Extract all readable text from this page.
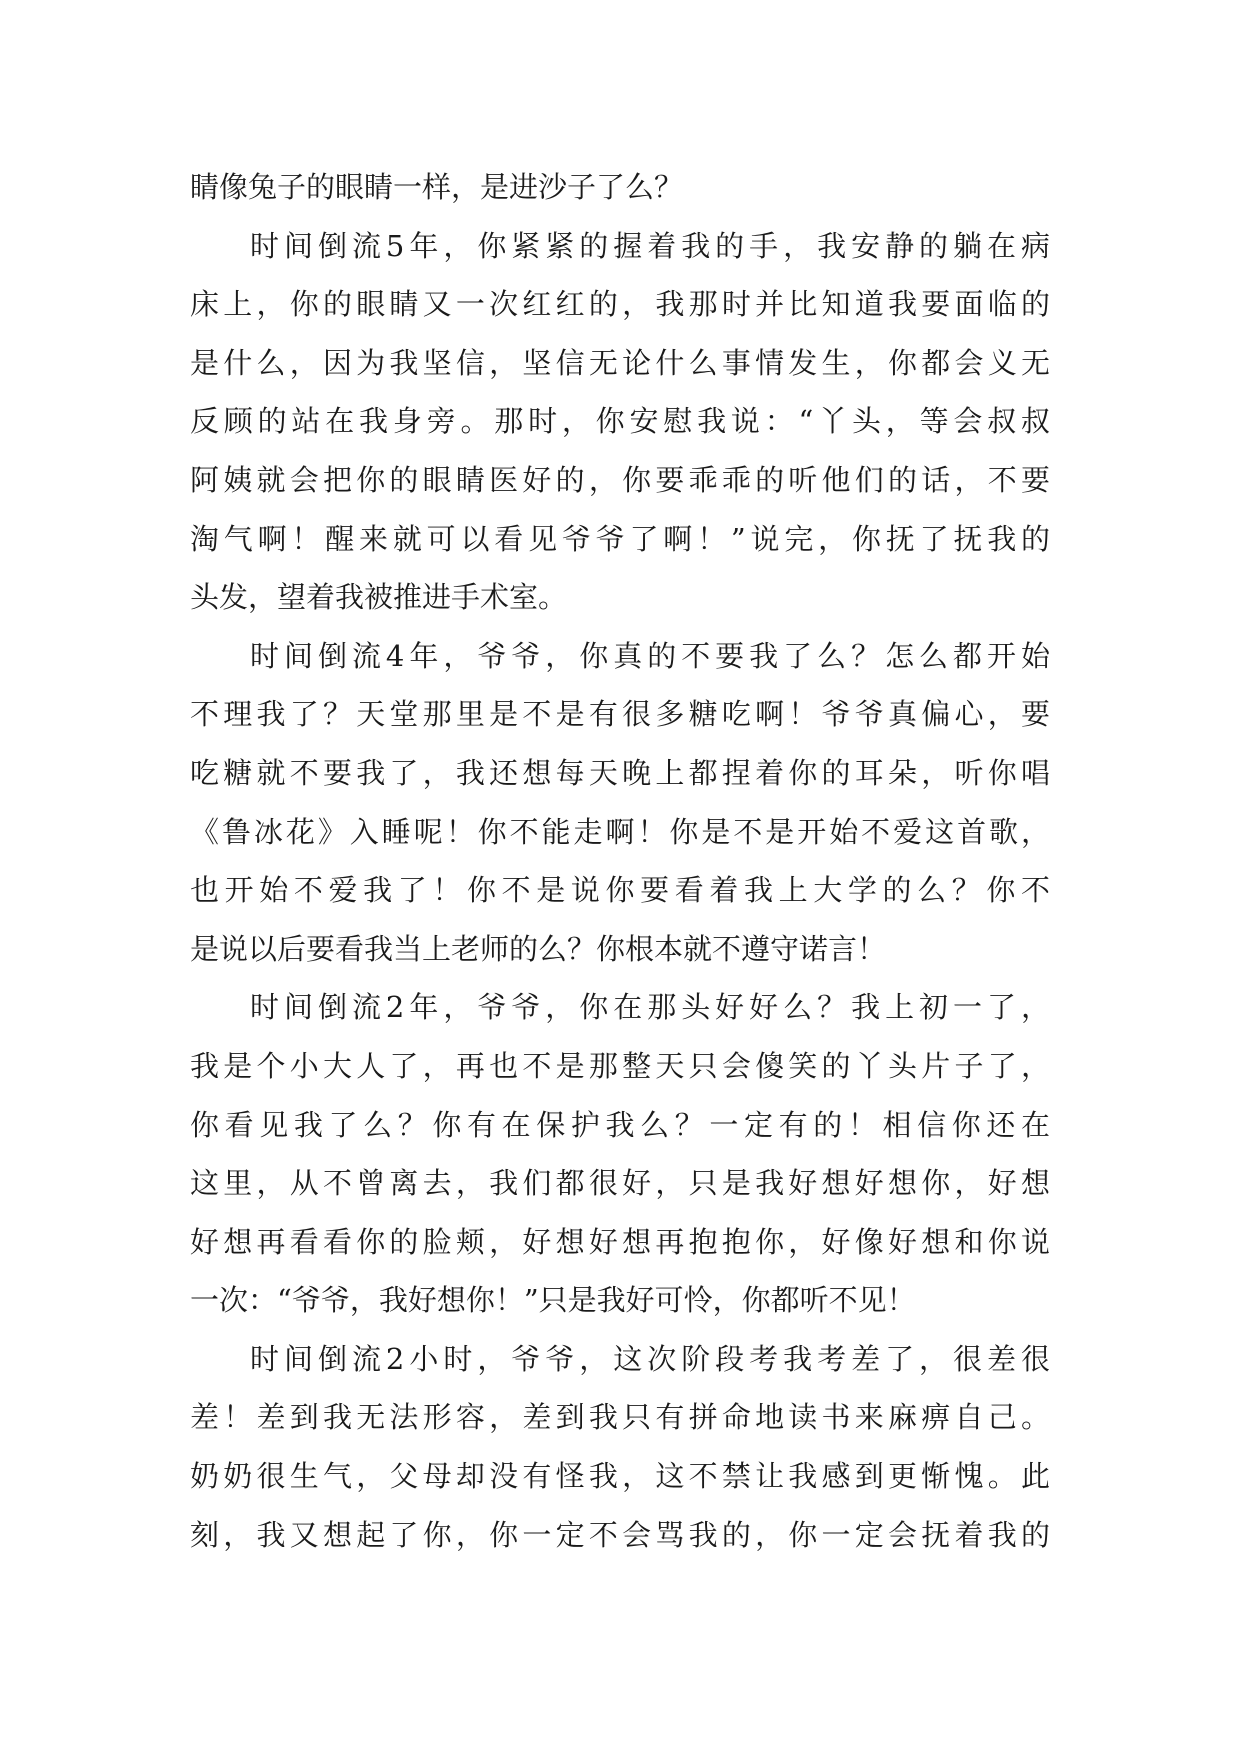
睛像兔子的眼睛一样，是进沙子了么？
时间倒流5年，你紧紧的握着我的手，我安静的躺在病
床上，你的眼睛又一次红红的，我那时并比知道我要面临的
是什么，因为我坚信，坚信无论什么事情发生，你都会义无
反顾的站在我身旁。那时，你安慰我说：“丫头，等会叔叔
阿姨就会把你的眼睛医好的，你要乖乖的听他们的话，不要
淘气啊！醒来就可以看见爷爷了啊！”说完，你抚了抚我的
头发，望着我被推进手术室。
时间倒流4年，爷爷，你真的不要我了么？怎么都开始
不理我了？天堂那里是不是有很多糖吃啊！爷爷真偏心，要
吃糖就不要我了，我还想每天晚上都捏着你的耳朵，听你唱
《鲁冰花》入睡呢！你不能走啊！你是不是开始不爱这首歌，
也开始不爱我了！你不是说你要看着我上大学的么？你不
是说以后要看我当上老师的么？你根本就不遵守诺言！
时间倒流2年，爷爷，你在那头好好么？我上初一了，
我是个小大人了，再也不是那整天只会傻笑的丫头片子了，
你看见我了么？你有在保护我么？一定有的！相信你还在
这里，从不曾离去，我们都很好，只是我好想好想你，好想
好想再看看你的脸颊，好想好想再抱抱你，好像好想和你说
一次：“爷爷，我好想你！”只是我好可怜，你都听不见！
时间倒流2小时，爷爷，这次阶段考我考差了，很差很
差！差到我无法形容，差到我只有拼命地读书来麻痹自己。
奶奶很生气，父母却没有怪我，这不禁让我感到更惭愧。此
刻，我又想起了你，你一定不会骂我的，你一定会抚着我的
